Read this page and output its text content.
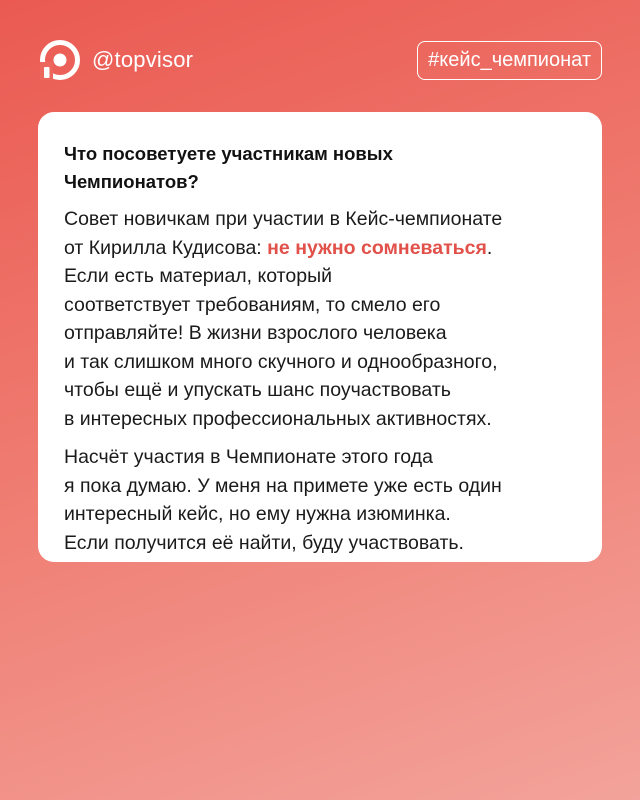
@topvisor	#кейс_чемпионат

Что посоветуете участникам новых
Чемпионатов?

Совет новичкам при участии в Кейс-чемпионате
от Кирилла Кудисова: не нужно сомневаться.
Если есть материал, который
соответствует требованиям, то смело его
отправляйте! В жизни взрослого человека
и так слишком много скучного и однообразного,
чтобы ещё и упускать шанс поучаствовать
в интересных профессиональных активностях.

Насчёт участия в Чемпионате этого года
я пока думаю. У меня на примете уже есть один
интересный кейс, но ему нужна изюминка.
Если получится её найти, буду участвовать.
